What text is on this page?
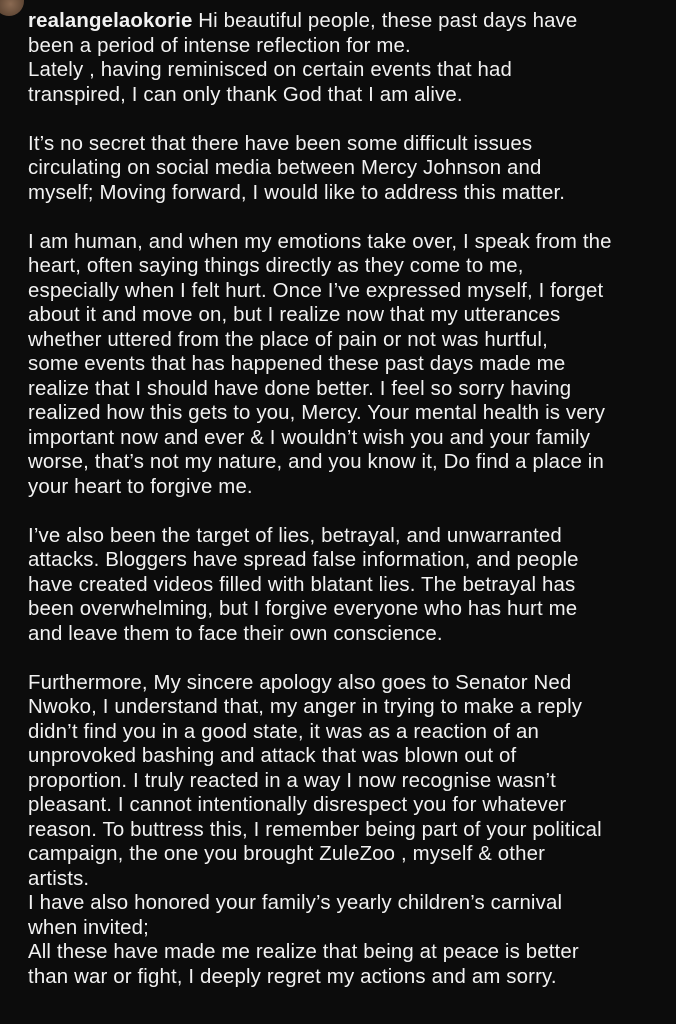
realangelaokorie Hi beautiful people, these past days have

been a period of intense reflection for me.

Lately , having reminisced on certain events that had

transpired, I can only thank God that I am alive.

It’s no secret that there have been some difficult issues

circulating on social media between Mercy Johnson and

myself; Moving forward, I would like to address this matter.

I am human, and when my emotions take over, I speak from the

heart, often saying things directly as they come to me,

especially when I felt hurt. Once I’ve expressed myself, I forget

about it and move on, but I realize now that my utterances

whether uttered from the place of pain or not was hurtful,

some events that has happened these past days made me

realize that I should have done better. I feel so sorry having

realized how this gets to you, Mercy. Your mental health is very

important now and ever & I wouldn’t wish you and your family

worse, that’s not my nature, and you know it, Do find a place in

your heart to forgive me.

I’ve also been the target of lies, betrayal, and unwarranted

attacks. Bloggers have spread false information, and people

have created videos filled with blatant lies. The betrayal has

been overwhelming, but I forgive everyone who has hurt me

and leave them to face their own conscience.

Furthermore, My sincere apology also goes to Senator Ned

Nwoko, I understand that, my anger in trying to make a reply

didn’t find you in a good state, it was as a reaction of an

unprovoked bashing and attack that was blown out of

proportion. I truly reacted in a way I now recognise wasn’t

pleasant. I cannot intentionally disrespect you for whatever

reason. To buttress this, I remember being part of your political

campaign, the one you brought ZuleZoo , myself & other

artists.

I have also honored your family’s yearly children’s carnival

when invited;

All these have made me realize that being at peace is better

than war or fight, I deeply regret my actions and am sorry.
